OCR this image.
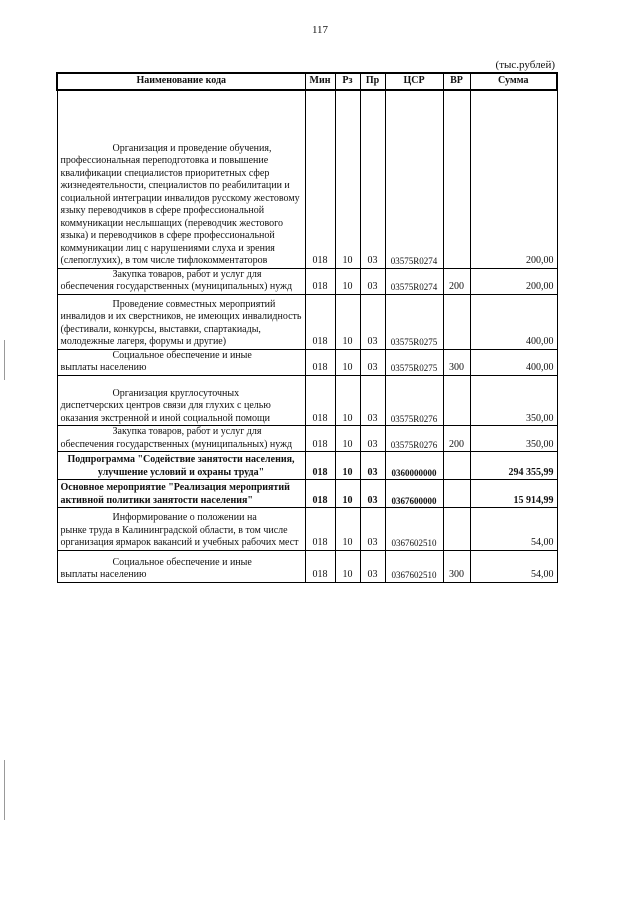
117
(тыс.рублей)
Наименование кода	Мин	Рз	Пр	ЦСР	ВР	Сумма

Организация и проведение обучения,
профессиональная переподготовка и повышение квалификации специалистов приоритетных сфер жизнедеятельности, специалистов по реабилитации и социальной интеграции инвалидов русскому жестовому языку переводчиков в сфере профессиональной коммуникации неслышащих (переводчик жестового языка) и переводчиков в сфере профессиональной коммуникации лиц с нарушениями слуха и зрения (слепоглухих), в том числе тифлокомментаторов	018	10	03	03575R0274		200,00

Закупка товаров, работ и услуг для
обеспечения государственных (муниципальных) нужд	018	10	03	03575R0274	200	200,00

Проведение совместных мероприятий
инвалидов и их сверстников, не имеющих инвалидность (фестивали, конкурсы, выставки, спартакиады, молодежные лагеря, форумы и другие)	018	10	03	03575R0275		400,00

Социальное обеспечение и иные
выплаты населению	018	10	03	03575R0275	300	400,00

Организация круглосуточных
диспетчерских центров связи для глухих с целью оказания экстренной и иной социальной помощи	018	10	03	03575R0276		350,00

Закупка товаров, работ и услуг для
обеспечения государственных (муниципальных) нужд	018	10	03	03575R0276	200	350,00
Подпрограмма "Содействие занятости населения, улучшение условий и охраны труда"	018	10	03	0360000000		294 355,99
Основное мероприятие "Реализация мероприятий активной политики занятости населения"	018	10	03	0367600000		15 914,99

Информирование о положении на
рынке труда в Калининградской области, в том числе организация ярмарок вакансий и учебных рабочих мест	018	10	03	0367602510		54,00

Социальное обеспечение и иные
выплаты населению	018	10	03	0367602510	300	54,00
